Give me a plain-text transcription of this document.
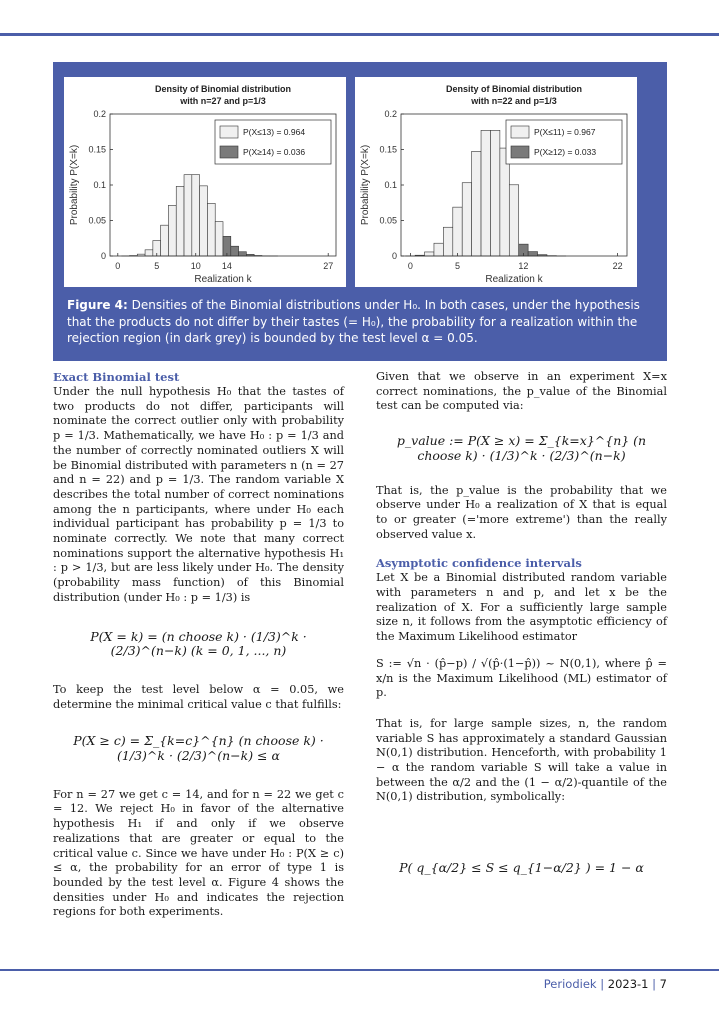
Density of Binomial distribution
with n=27 and p=1/3
0
0.05
0.1
0.15
0.2
0	5	10 14	27
Realization k
Probability P(X=k)
P(X≤13) = 0.964
P(X≥14) = 0.036
Density of Binomial distribution
with n=22 and p=1/3
0
0.05
0.1
0.15
0.2
0	5	12	22
Realization k
Probability P(X=k)
P(X≤11) = 0.967
P(X≥12) = 0.033
Figure 4: Densities of the Binomial distributions under H₀. In both cases, under the hypothesis that the products do not differ by their tastes (= H₀), the probability for a realization within the rejection region (in dark grey) is bounded by the test level α = 0.05.

Exact Binomial test

Under the null hypothesis H₀ that the tastes of two products do not differ, participants will nominate the correct outlier only with probability p = 1/3. Mathematically, we have H₀ : p = 1/3 and the number of correctly nominated outliers X will be Binomial distributed with parameters n (n = 27 and n = 22) and p = 1/3. The random variable X describes the total number of correct nominations among the n participants, where under H₀ each individual participant has probability p = 1/3 to nominate correctly. We note that many correct nominations support the alternative hypothesis H₁ : p > 1/3, but are less likely under H₀. The density (probability mass function) of this Binomial distribution (under H₀ : p = 1/3) is

P(X = k) = (n choose k) · (1/3)^k · (2/3)^(n−k) (k = 0, 1, ..., n)

To keep the test level below α = 0.05, we determine the minimal critical value c that fulfills:

P(X ≥ c) = Σ_{k=c}^{n} (n choose k) · (1/3)^k · (2/3)^(n−k) ≤ α

For n = 27 we get c = 14, and for n = 22 we get c = 12. We reject H₀ in favor of the alternative hypothesis H₁ if and only if we observe realizations that are greater or equal to the critical value c. Since we have under H₀ : P(X ≥ c) ≤ α, the probability for an error of type 1 is bounded by the test level α. Figure 4 shows the densities under H₀ and indicates the rejection regions for both experiments.

Given that we observe in an experiment X=x correct nominations, the p_value of the Binomial test can be computed via:

p_value := P(X ≥ x) = Σ_{k=x}^{n} (n choose k) · (1/3)^k · (2/3)^(n−k)

That is, the p_value is the probability that we observe under H₀ a realization of X that is equal to or greater (='more extreme') than the really observed value x.

Asymptotic confidence intervals

Let X be a Binomial distributed random variable with parameters n and p, and let x be the realization of X. For a sufficiently large sample size n, it follows from the asymptotic efficiency of the Maximum Likelihood estimator

S := √n · (p̂−p) / √(p̂·(1−p̂)) ~ N(0,1), where p̂ = x/n is the Maximum Likelihood (ML) estimator of p.

That is, for large sample sizes, n, the random variable S has approximately a standard Gaussian N(0,1) distribution. Henceforth, with probability 1 − α the random variable S will take a value in between the α/2 and the (1 − α/2)-quantile of the N(0,1) distribution, symbolically:

P( q_{α/2} ≤ S ≤ q_{1−α/2} ) = 1 − α

Periodiek | 2023-1 | 7
